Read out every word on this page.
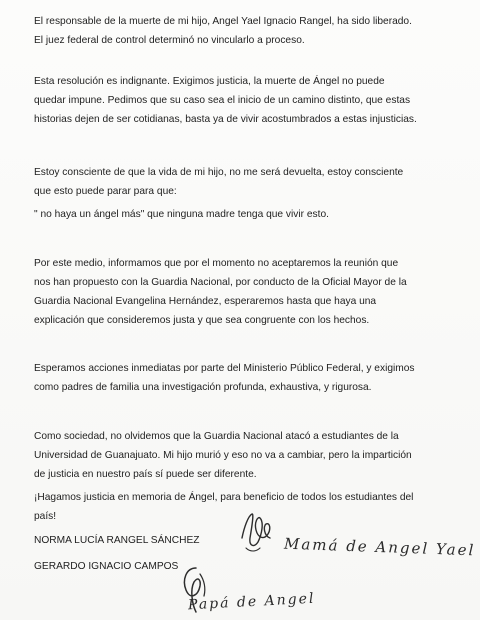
El responsable de la muerte de mi hijo, Angel Yael Ignacio Rangel, ha sido liberado.
El juez federal de control determinó no vincularlo a proceso.

Esta resolución es indignante. Exigimos justicia, la muerte de Ángel no puede
quedar impune. Pedimos que su caso sea el inicio de un camino distinto, que estas
historias dejen de ser cotidianas, basta ya de vivir acostumbrados a estas injusticias.

Estoy consciente de que la vida de mi hijo, no me será devuelta, estoy consciente
que esto puede parar para que:

" no haya un ángel más" que ninguna madre tenga que vivir esto.

Por este medio, informamos que por el momento no aceptaremos la reunión que
nos han propuesto con la Guardia Nacional, por conducto de la Oficial Mayor de la
Guardia Nacional Evangelina Hernández, esperaremos hasta que haya una
explicación que consideremos justa y que sea congruente con los hechos.

Esperamos acciones inmediatas por parte del Ministerio Público Federal, y exigimos
como padres de familia una investigación profunda, exhaustiva, y rigurosa.

Como sociedad, no olvidemos que la Guardia Nacional atacó a estudiantes de la
Universidad de Guanajuato. Mi hijo murió y eso no va a cambiar, pero la impartición
de justicia en nuestro país sí puede ser diferente.

¡Hagamos justicia en memoria de Ángel, para beneficio de todos los estudiantes del
país!

NORMA LUCÍA RANGEL SÁNCHEZ

GERARDO IGNACIO CAMPOS

Mamá de Angel Yael

Papá de Angel
